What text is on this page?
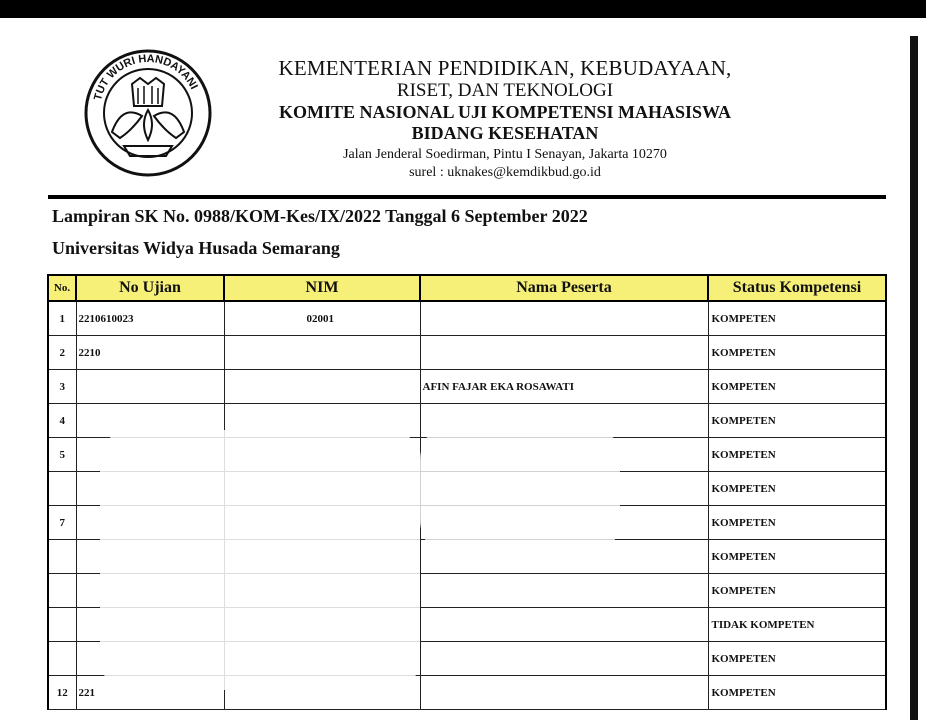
TUT WURI HANDAYANI
KEMENTERIAN PENDIDIKAN, KEBUDAYAAN,
RISET, DAN TEKNOLOGI
KOMITE NASIONAL UJI KOMPETENSI MAHASISWA
BIDANG KESEHATAN
Jalan Jenderal Soedirman, Pintu I Senayan, Jakarta 10270
surel : uknakes@kemdikbud.go.id
Lampiran SK No. 0988/KOM-Kes/IX/2022 Tanggal 6 September 2022
Universitas Widya Husada Semarang
No.	No Ujian	NIM	Nama Peserta	Status Kompetensi
1	2210610023	02001		KOMPETEN
2	2210			KOMPETEN
3			AFIN FAJAR EKA ROSAWATI	KOMPETEN
4				KOMPETEN
5				KOMPETEN
				KOMPETEN
7				KOMPETEN
				KOMPETEN
				KOMPETEN
				TIDAK KOMPETEN
				KOMPETEN
12	221			KOMPETEN
